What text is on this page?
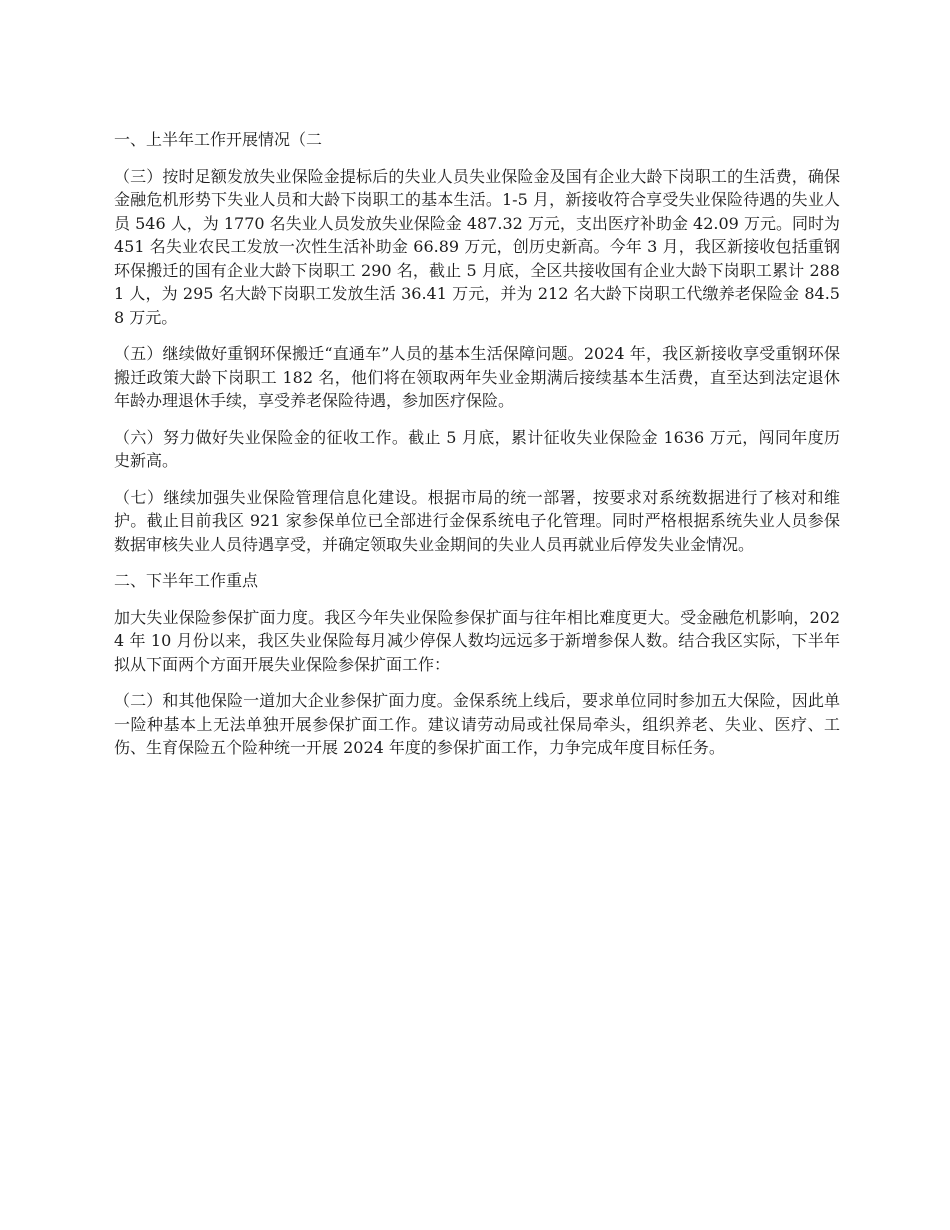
一、上半年工作开展情况（二

（三）按时足额发放失业保险金提标后的失业人员失业保险金及国有企业大龄下岗职工的生活费，确保金融危机形势下失业人员和大龄下岗职工的基本生活。1-5 月，新接收符合享受失业保险待遇的失业人员 546 人，为 1770 名失业人员发放失业保险金 487.32 万元，支出医疗补助金 42.09 万元。同时为 451 名失业农民工发放一次性生活补助金 66.89 万元，创历史新高。今年 3 月，我区新接收包括重钢环保搬迁的国有企业大龄下岗职工 290 名，截止 5 月底，全区共接收国有企业大龄下岗职工累计 2881 人，为 295 名大龄下岗职工发放生活 36.41 万元，并为 212 名大龄下岗职工代缴养老保险金 84.58 万元。

（五）继续做好重钢环保搬迁“直通车”人员的基本生活保障问题。2024 年，我区新接收享受重钢环保搬迁政策大龄下岗职工 182 名，他们将在领取两年失业金期满后接续基本生活费，直至达到法定退休年龄办理退休手续，享受养老保险待遇，参加医疗保险。

（六）努力做好失业保险金的征收工作。截止 5 月底，累计征收失业保险金 1636 万元，闯同年度历史新高。

（七）继续加强失业保险管理信息化建设。根据市局的统一部署，按要求对系统数据进行了核对和维护。截止目前我区 921 家参保单位已全部进行金保系统电子化管理。同时严格根据系统失业人员参保数据审核失业人员待遇享受，并确定领取失业金期间的失业人员再就业后停发失业金情况。

二、下半年工作重点

加大失业保险参保扩面力度。我区今年失业保险参保扩面与往年相比难度更大。受金融危机影响，2024 年 10 月份以来，我区失业保险每月减少停保人数均远远多于新增参保人数。结合我区实际，下半年拟从下面两个方面开展失业保险参保扩面工作：

（二）和其他保险一道加大企业参保扩面力度。金保系统上线后，要求单位同时参加五大保险，因此单一险种基本上无法单独开展参保扩面工作。建议请劳动局或社保局牵头，组织养老、失业、医疗、工伤、生育保险五个险种统一开展 2024 年度的参保扩面工作，力争完成年度目标任务。
